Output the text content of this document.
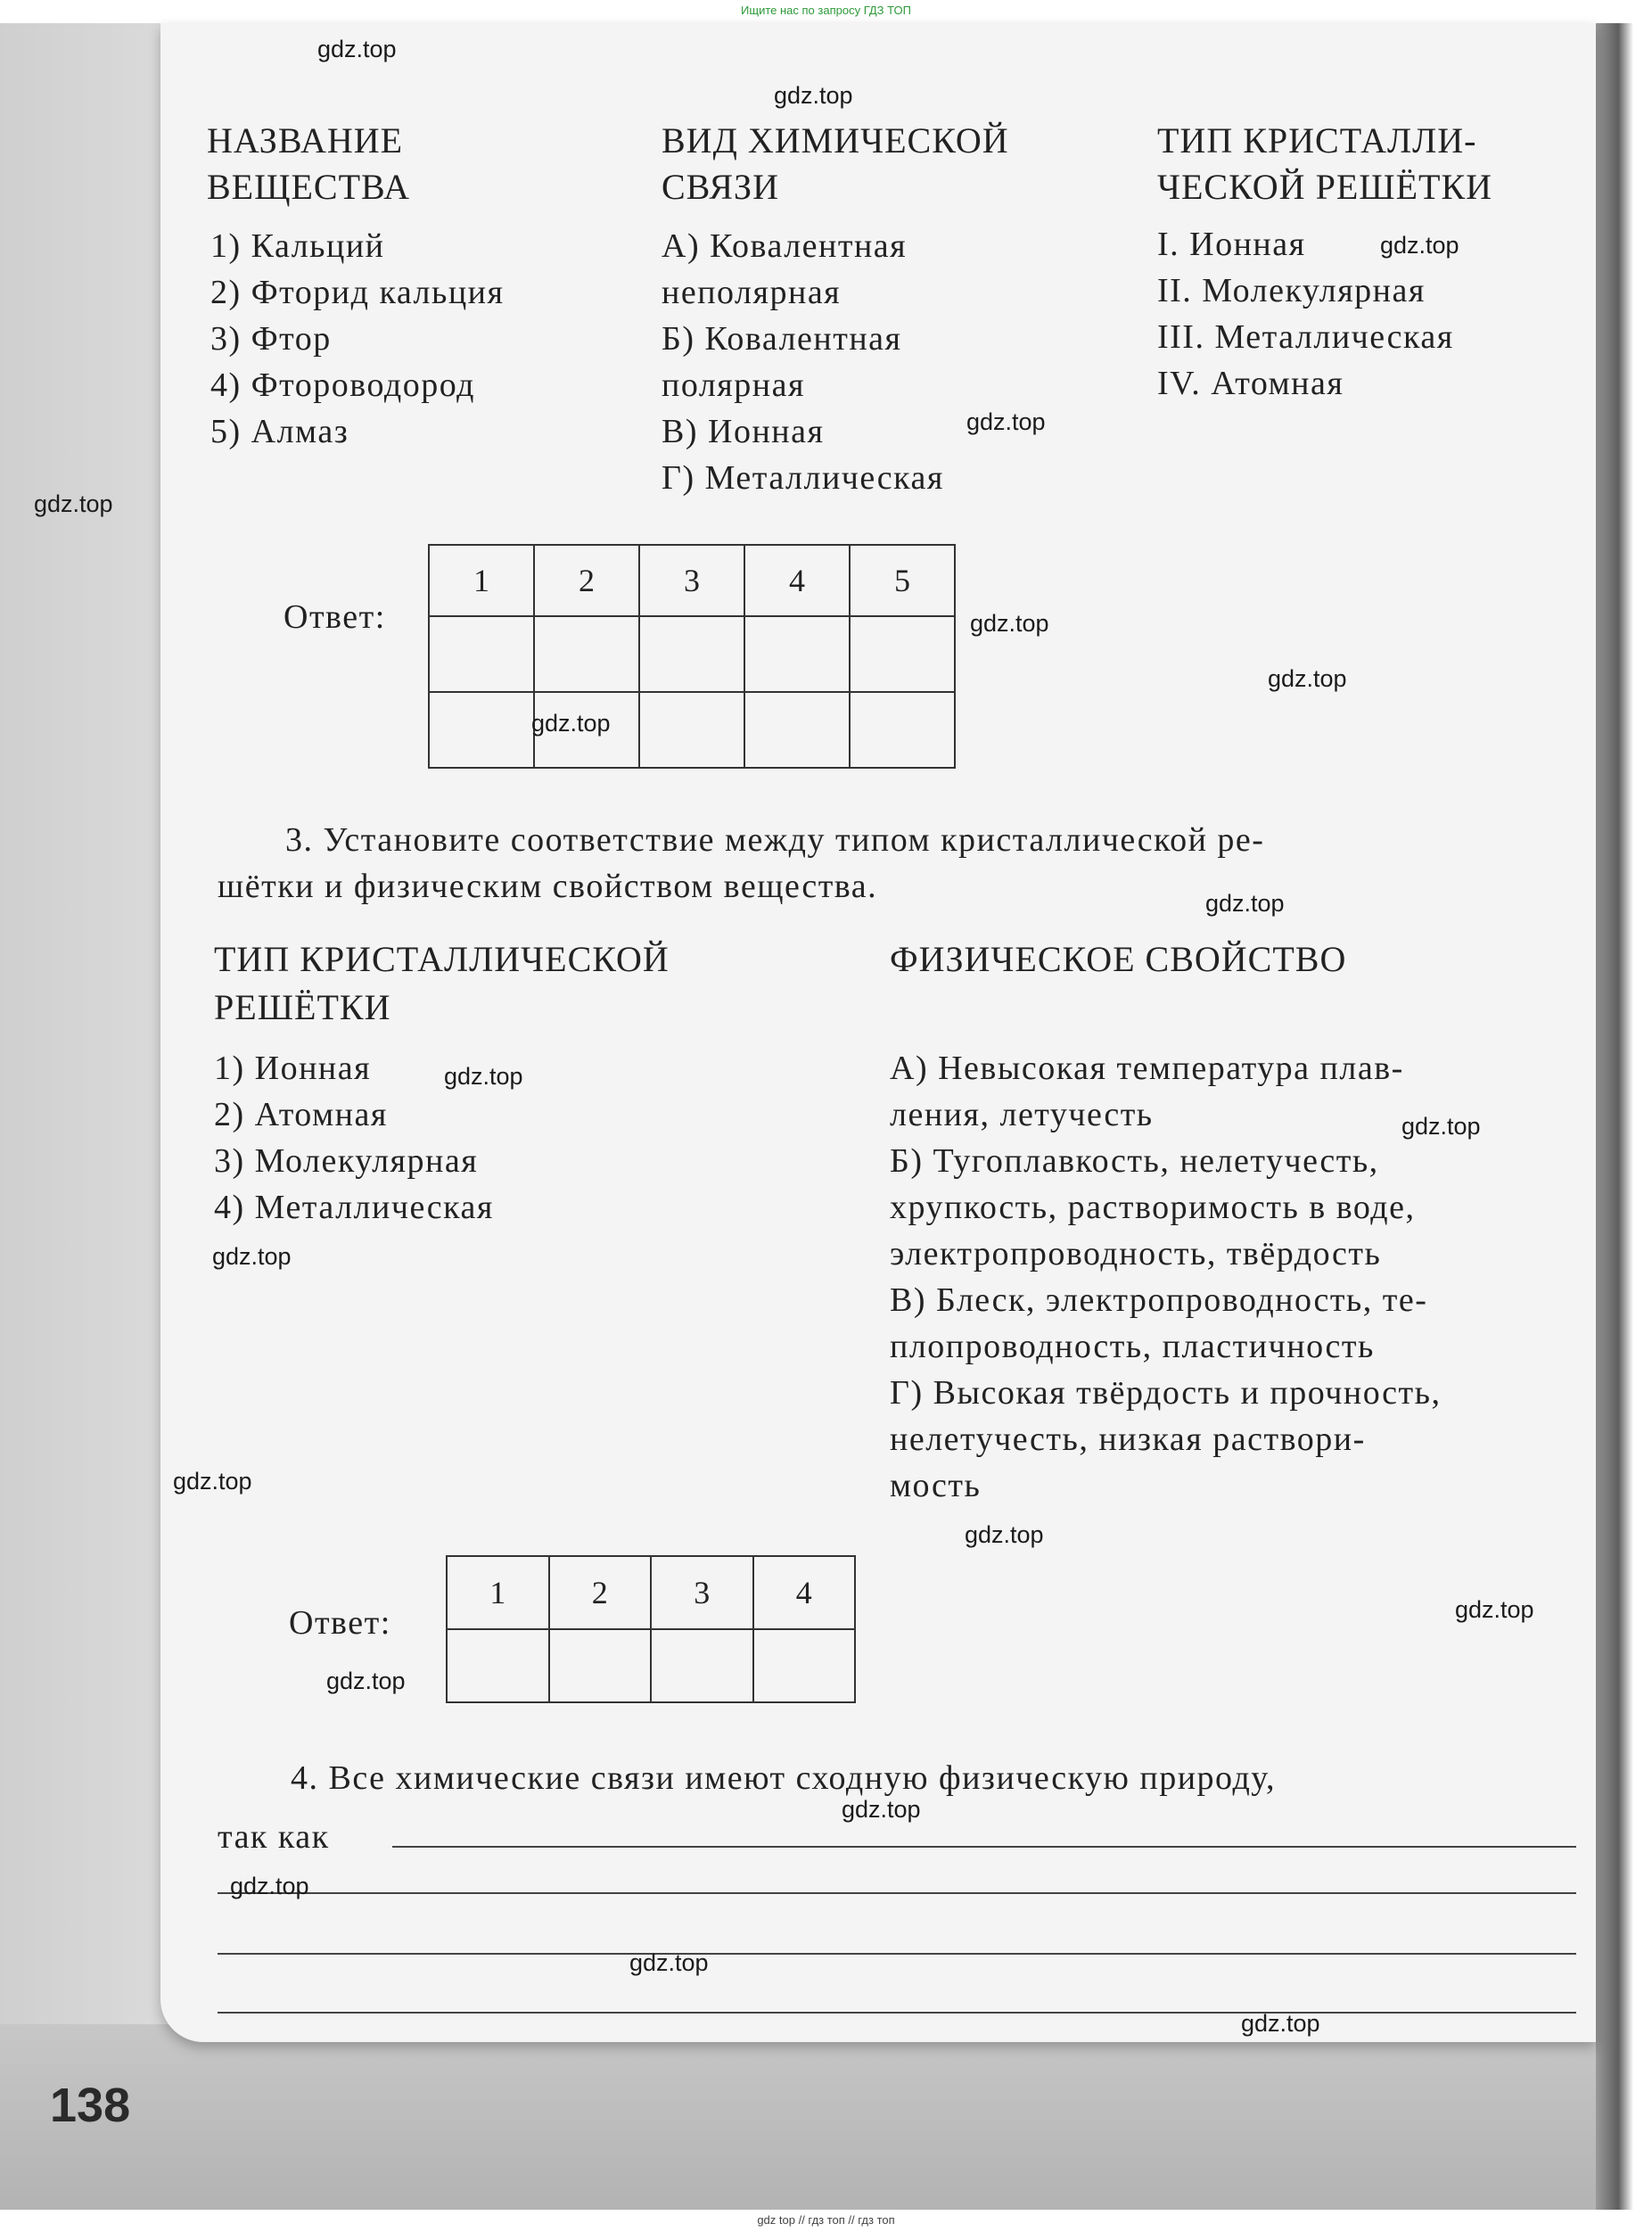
Ищите нас по запросу ГДЗ ТОП
gdz top // гдз топ // гдз топ
НАЗВАНИЕ
ВЕЩЕСТВА
1) Кальций
2) Фторид кальция
3) Фтор
4) Фтороводород
5) Алмаз
ВИД ХИМИЧЕСКОЙ
СВЯЗИ
А) Ковалентная
неполярная
Б) Ковалентная
полярная
В) Ионная
Г) Металлическая
ТИП КРИСТАЛЛИ-
ЧЕСКОЙ РЕШЁТКИ
I. Ионная
II. Молекулярная
III. Металлическая
IV. Атомная
Ответ:
1	2	3	4	5

3. Установите соответствие между типом кристаллической ре-
шётки и физическим свойством вещества.
ТИП КРИСТАЛЛИЧЕСКОЙ
РЕШЁТКИ
1) Ионная
2) Атомная
3) Молекулярная
4) Металлическая
ФИЗИЧЕСКОЕ СВОЙСТВО
А) Невысокая температура плав-
ления, летучесть
Б) Тугоплавкость, нелетучесть,
хрупкость, растворимость в воде,
электропроводность, твёрдость
В) Блеск, электропроводность, те-
плопроводность, пластичность
Г) Высокая твёрдость и прочность,
нелетучесть, низкая раствори-
мость
Ответ:
1	2	3	4

4. Все химические связи имеют сходную физическую природу,
так как
138
gdz.top
gdz.top
gdz.top
gdz.top
gdz.top
gdz.top
gdz.top
gdz.top
gdz.top
gdz.top
gdz.top
gdz.top
gdz.top
gdz.top
gdz.top
gdz.top
gdz.top
gdz.top
gdz.top
gdz.top
